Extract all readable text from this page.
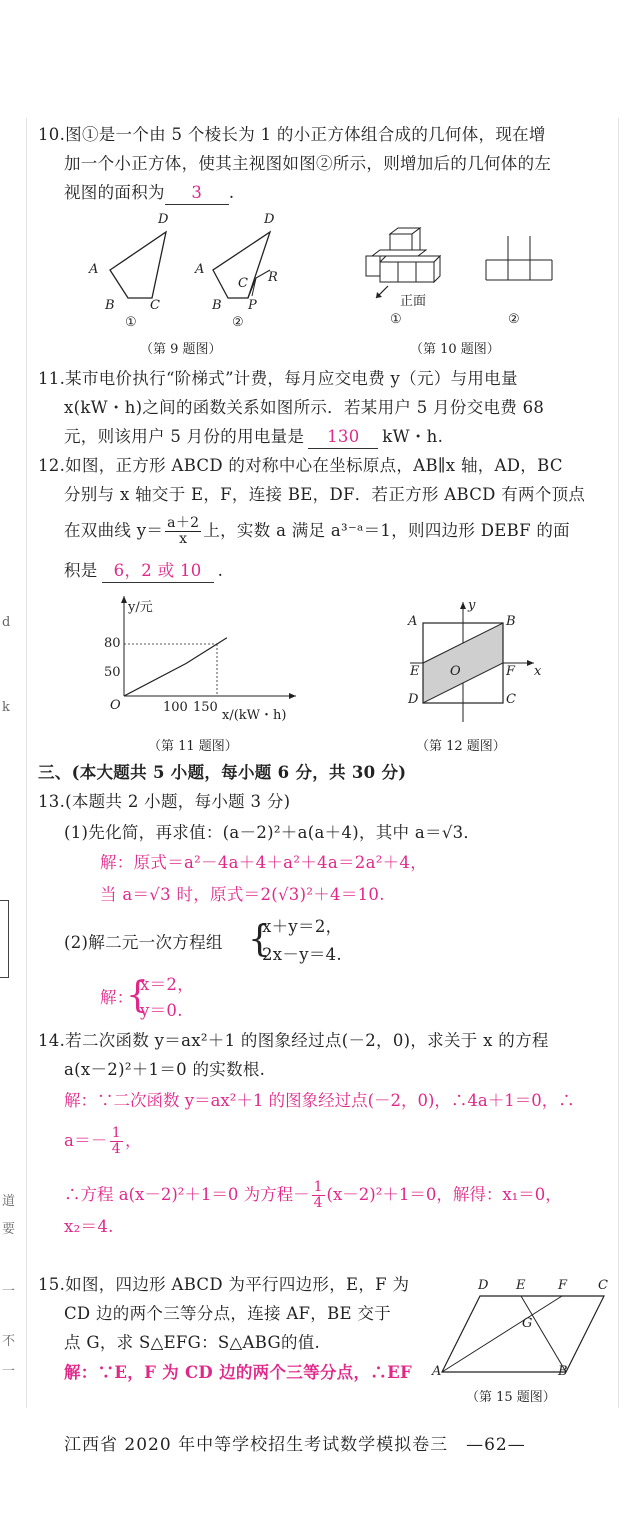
d
k
道
要
一
不
一
10.图①是一个由 5 个棱长为 1 的小正方体组合成的几何体，现在增
加一个小正方体，使其主视图如图②所示，则增加后的几何体的左
视图的面积为 3 .
D
A
B	C
D
A
C R
B P
①	②
（第 9 题图）
正面
①	②
（第 10 题图）
11.某市电价执行“阶梯式”计费，每月应交电费 y（元）与用电量
x(kW・h)之间的函数关系如图所示．若某用户 5 月份交电费 68
元，则该用户 5 月份的用电量是 130 kW・h.
12.如图，正方形 ABCD 的对称中心在坐标原点，AB∥x 轴，AD，BC
分别与 x 轴交于 E，F，连接 BE，DF．若正方形 ABCD 有两个顶点
在双曲线 $y= \frac{a+2}{x}$ 上，实数 a 满足 a³⁻ᵃ＝1，则四边形 DEBF 的面
积是 6，2 或 10 .
y/元
x/(kW・h)
O
80
50
100 150
（第 11 题图）
A	B
E O	F
D	C
x
y
（第 12 题图）
三、(本大题共 5 小题，每小题 6 分，共 30 分)
13.(本题共 2 小题，每小题 3 分)
(1)先化简，再求值：(a－2)²＋a(a＋4)，其中 a＝√3．
解：原式＝a²－4a＋4＋a²＋4a＝2a²＋4，
当 a＝√3 时，原式＝2(√3)²＋4＝10.
(2)解二元一次方程组 {
x＋y＝2，
2x－y＝4.
解：
{
x＝2，
y＝0.
14.若二次函数 y＝ax²＋1 的图象经过点(－2，0)，求关于 x 的方程
a(x－2)²＋1＝0 的实数根.
解：∵二次函数 y＝ax²＋1 的图象经过点(－2，0)，∴4a＋1＝0，∴
$a=- \frac{1}{4}$ ，
∴方程 a(x－2)²＋1＝0 为方程－ $\frac{1}{4} (x-2)^2+1=0$，解得：x₁＝0，
x₂＝4.
15.如图，四边形 ABCD 为平行四边形，E，F 为
CD 边的两个三等分点，连接 AF，BE 交于
点 G，求 S△EFG：S△ABG的值.
解：∵E，F 为 CD 边的两个三等分点，∴EF
D E	F C
G
A	B
（第 15 题图）
江西省 2020 年中等学校招生考试数学模拟卷三　—62—
